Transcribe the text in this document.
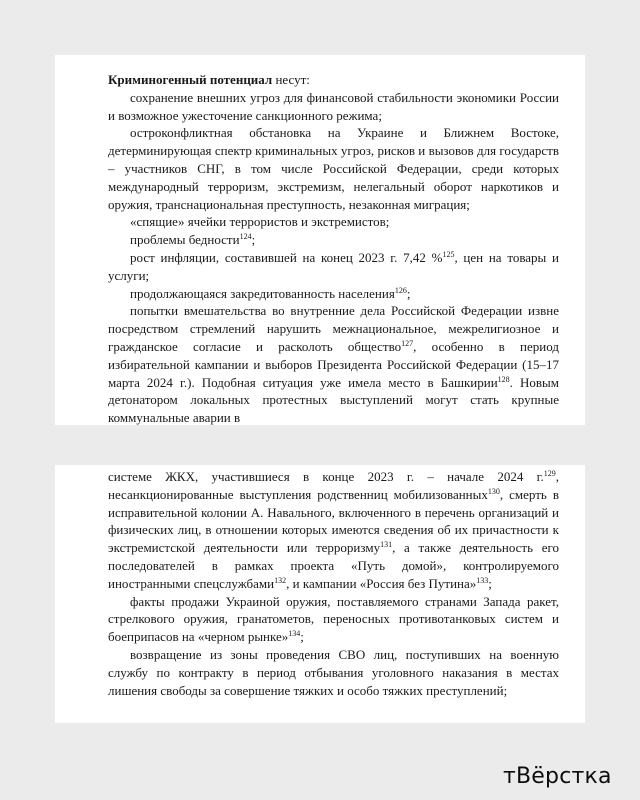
Криминогенный потенциал несут:

сохранение внешних угроз для финансовой стабильности экономики России и возможное ужесточение санкционного режима;

остроконфликтная обстановка на Украине и Ближнем Востоке, детерминирующая спектр криминальных угроз, рисков и вызовов для государств – участников СНГ, в том числе Российской Федерации, среди которых международный терроризм, экстремизм, нелегальный оборот наркотиков и оружия, транснациональная преступность, незаконная миграция;

«спящие» ячейки террористов и экстремистов;

проблемы бедности$^{124}$;

рост инфляции, составившей на конец 2023 г. 7,42 %$^{125}$, цен на товары и услуги;

продолжающаяся закредитованность населения$^{126}$;

попытки вмешательства во внутренние дела Российской Федерации извне посредством стремлений нарушить межнациональное, межрелигиозное и гражданское согласие и расколоть общество$^{127}$, особенно в период избирательной кампании и выборов Президента Российской Федерации (15–17 марта 2024 г.). Подобная ситуация уже имела место в Башкирии$^{128}$. Новым детонатором локальных протестных выступлений могут стать крупные коммунальные аварии в

системе ЖКХ, участившиеся в конце 2023 г. – начале 2024 г.$^{129}$, несанкционированные выступления родственниц мобилизованных$^{130}$, смерть в исправительной колонии А. Навального, включенного в перечень организаций и физических лиц, в отношении которых имеются сведения об их причастности к экстремистской деятельности или терроризму$^{131}$, а также деятельность его последователей в рамках проекта «Путь домой», контролируемого иностранными спецслужбами$^{132}$, и кампании «Россия без Путина»$^{133}$;

факты продажи Украиной оружия, поставляемого странами Запада ракет, стрелкового оружия, гранатометов, переносных противотанковых систем и боеприпасов на «черном рынке»$^{134}$;

возвращение из зоны проведения СВО лиц, поступивших на военную службу по контракту в период отбывания уголовного наказания в местах лишения свободы за совершение тяжких и особо тяжких преступлений;

тВёрстка
